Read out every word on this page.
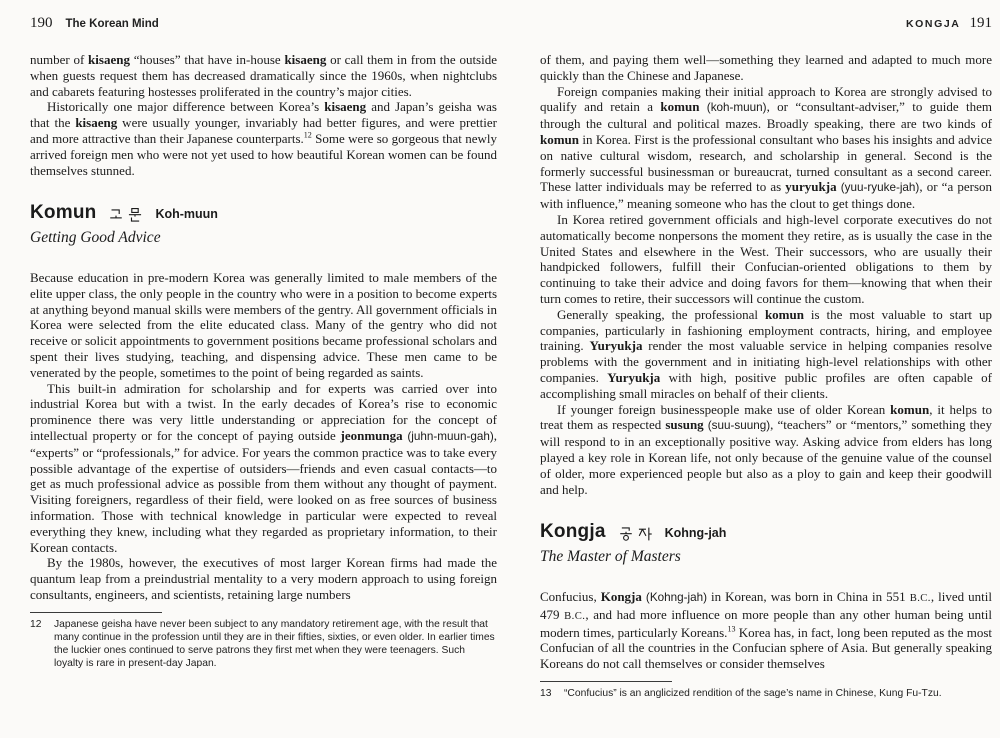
190 The Korean Mind

number of kisaeng “houses” that have in-house kisaeng or call them in from the outside when guests request them has decreased dramatically since the 1960s, when nightclubs and cabarets featuring hostesses proliferated in the country’s major cities.

Historically one major difference between Korea’s kisaeng and Japan’s geisha was that the kisaeng were usually younger, invariably had better figures, and were prettier and more attractive than their Japanese counterparts.$^{12}$ Some were so gorgeous that newly arrived foreign men who were not yet used to how beautiful Korean women can be found themselves stunned.

Komun	Koh-muun
Getting Good Advice

Because education in pre-modern Korea was generally limited to male members of the elite upper class, the only people in the country who were in a position to become experts at anything beyond manual skills were members of the gentry. All government officials in Korea were selected from the elite educated class. Many of the gentry who did not receive or solicit appointments to government positions became professional scholars and spent their lives studying, teaching, and dispensing advice. These men came to be venerated by the people, sometimes to the point of being regarded as saints.

This built-in admiration for scholarship and for experts was carried over into industrial Korea but with a twist. In the early decades of Korea’s rise to economic prominence there was very little understanding or appreciation for the concept of intellectual property or for the concept of paying outside jeonmunga (juhn-muun-gah), “experts” or “professionals,” for advice. For years the common practice was to take every possible advantage of the expertise of outsiders—friends and even casual contacts—to get as much professional advice as possible from them without any thought of payment. Visiting foreigners, regardless of their field, were looked on as free sources of business information. Those with technical knowledge in particular were expected to reveal everything they knew, including what they regarded as proprietary information, to their Korean contacts.

By the 1980s, however, the executives of most larger Korean firms had made the quantum leap from a preindustrial mentality to a very modern approach to using foreign consultants, engineers, and scientists, retaining large numbers

12	Japanese geisha have never been subject to any mandatory retirement age, with the result that many continue in the profession until they are in their fifties, sixties, or even older. In earlier times the luckier ones continued to serve patrons they first met when they were teenagers. Such loyalty is rare in present-day Japan.
KONGJA 191

of them, and paying them well—something they learned and adapted to much more quickly than the Chinese and Japanese.

Foreign companies making their initial approach to Korea are strongly advised to qualify and retain a komun (koh-muun), or “consultant-adviser,” to guide them through the cultural and political mazes. Broadly speaking, there are two kinds of komun in Korea. First is the professional consultant who bases his insights and advice on native cultural wisdom, research, and scholarship in general. Second is the formerly successful businessman or bureaucrat, turned consultant as a second career. These latter individuals may be referred to as yuryukja (yuu-ryuke-jah), or “a person with influence,” meaning someone who has the clout to get things done.

In Korea retired government officials and high-level corporate executives do not automatically become nonpersons the moment they retire, as is usually the case in the United States and elsewhere in the West. Their successors, who are usually their handpicked followers, fulfill their Confucian-oriented obligations to them by continuing to take their advice and doing favors for them—knowing that when their turn comes to retire, their successors will continue the custom.

Generally speaking, the professional komun is the most valuable to start up companies, particularly in fashioning employment contracts, hiring, and employee training. Yuryukja render the most valuable service in helping companies resolve problems with the government and in initiating high-level relationships with other companies. Yuryukja with high, positive public profiles are often capable of accomplishing small miracles on behalf of their clients.

If younger foreign businesspeople make use of older Korean komun, it helps to treat them as respected susung (suu-suung), “teachers” or “mentors,” something they will respond to in an exceptionally positive way. Asking advice from elders has long played a key role in Korean life, not only because of the genuine value of the counsel of older, more experienced people but also as a ploy to gain and keep their goodwill and help.

Kongja	Kohng-jah
The Master of Masters

Confucius, Kongja (Kohng-jah) in Korean, was born in China in 551 B.C., lived until 479 B.C., and had more influence on more people than any other human being until modern times, particularly Koreans.$^{13}$ Korea has, in fact, long been reputed as the most Confucian of all the countries in the Confucian sphere of Asia. But generally speaking Koreans do not call themselves or consider themselves

13	“Confucius” is an anglicized rendition of the sage’s name in Chinese, Kung Fu-Tzu.
